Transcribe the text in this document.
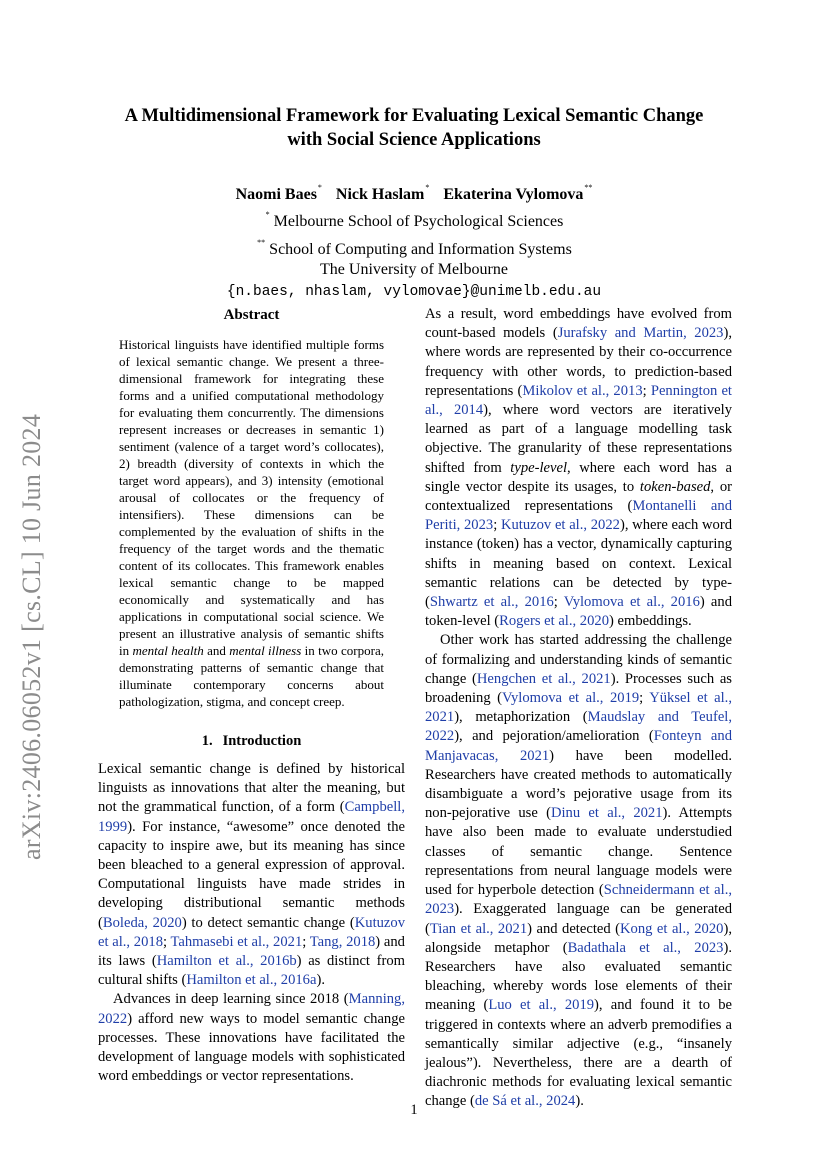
arXiv:2406.06052v1 [cs.CL] 10 Jun 2024
A Multidimensional Framework for Evaluating Lexical Semantic Change
with Social Science Applications
Naomi Baes* Nick Haslam* Ekaterina Vylomova**
* Melbourne School of Psychological Sciences
** School of Computing and Information Systems
The University of Melbourne
{n.baes, nhaslam, vylomovae}@unimelb.edu.au
Abstract

Historical linguists have identified multiple forms of lexical semantic change. We present a three-dimensional framework for integrating these forms and a unified computational methodology for evaluating them concurrently. The dimensions represent increases or decreases in semantic 1) sentiment (valence of a target word’s collocates), 2) breadth (diversity of contexts in which the target word appears), and 3) intensity (emotional arousal of collocates or the frequency of intensifiers). These dimensions can be complemented by the evaluation of shifts in the frequency of the target words and the thematic content of its collocates. This framework enables lexical semantic change to be mapped economically and systematically and has applications in computational social science. We present an illustrative analysis of semantic shifts in mental health and mental illness in two corpora, demonstrating patterns of semantic change that illuminate contemporary concerns about pathologization, stigma, and concept creep.

1. Introduction

Lexical semantic change is defined by historical linguists as innovations that alter the meaning, but not the grammatical function, of a form (Campbell, 1999). For instance, “awesome” once denoted the capacity to inspire awe, but its meaning has since been bleached to a general expression of approval. Computational linguists have made strides in developing distributional semantic methods (Boleda, 2020) to detect semantic change (Kutuzov et al., 2018; Tahmasebi et al., 2021; Tang, 2018) and its laws (Hamilton et al., 2016b) as distinct from cultural shifts (Hamilton et al., 2016a).

Advances in deep learning since 2018 (Manning, 2022) afford new ways to model semantic change processes. These innovations have facilitated the development of language models with sophisticated word embeddings or vector representations.

As a result, word embeddings have evolved from count-based models (Jurafsky and Martin, 2023), where words are represented by their co-occurrence frequency with other words, to prediction-based representations (Mikolov et al., 2013; Pennington et al., 2014), where word vectors are iteratively learned as part of a language modelling task objective. The granularity of these representations shifted from type-level, where each word has a single vector despite its usages, to token-based, or contextualized representations (Montanelli and Periti, 2023; Kutuzov et al., 2022), where each word instance (token) has a vector, dynamically capturing shifts in meaning based on context. Lexical semantic relations can be detected by type- (Shwartz et al., 2016; Vylomova et al., 2016) and token-level (Rogers et al., 2020) embeddings.

Other work has started addressing the challenge of formalizing and understanding kinds of semantic change (Hengchen et al., 2021). Processes such as broadening (Vylomova et al., 2019; Yüksel et al., 2021), metaphorization (Maudslay and Teufel, 2022), and pejoration/amelioration (Fonteyn and Manjavacas, 2021) have been modelled. Researchers have created methods to automatically disambiguate a word’s pejorative usage from its non-pejorative use (Dinu et al., 2021). Attempts have also been made to evaluate understudied classes of semantic change. Sentence representations from neural language models were used for hyperbole detection (Schneidermann et al., 2023). Exaggerated language can be generated (Tian et al., 2021) and detected (Kong et al., 2020), alongside metaphor (Badathala et al., 2023). Researchers have also evaluated semantic bleaching, whereby words lose elements of their meaning (Luo et al., 2019), and found it to be triggered in contexts where an adverb premodifies a semantically similar adjective (e.g., “insanely jealous”). Nevertheless, there are a dearth of diachronic methods for evaluating lexical semantic change (de Sá et al., 2024).

1
